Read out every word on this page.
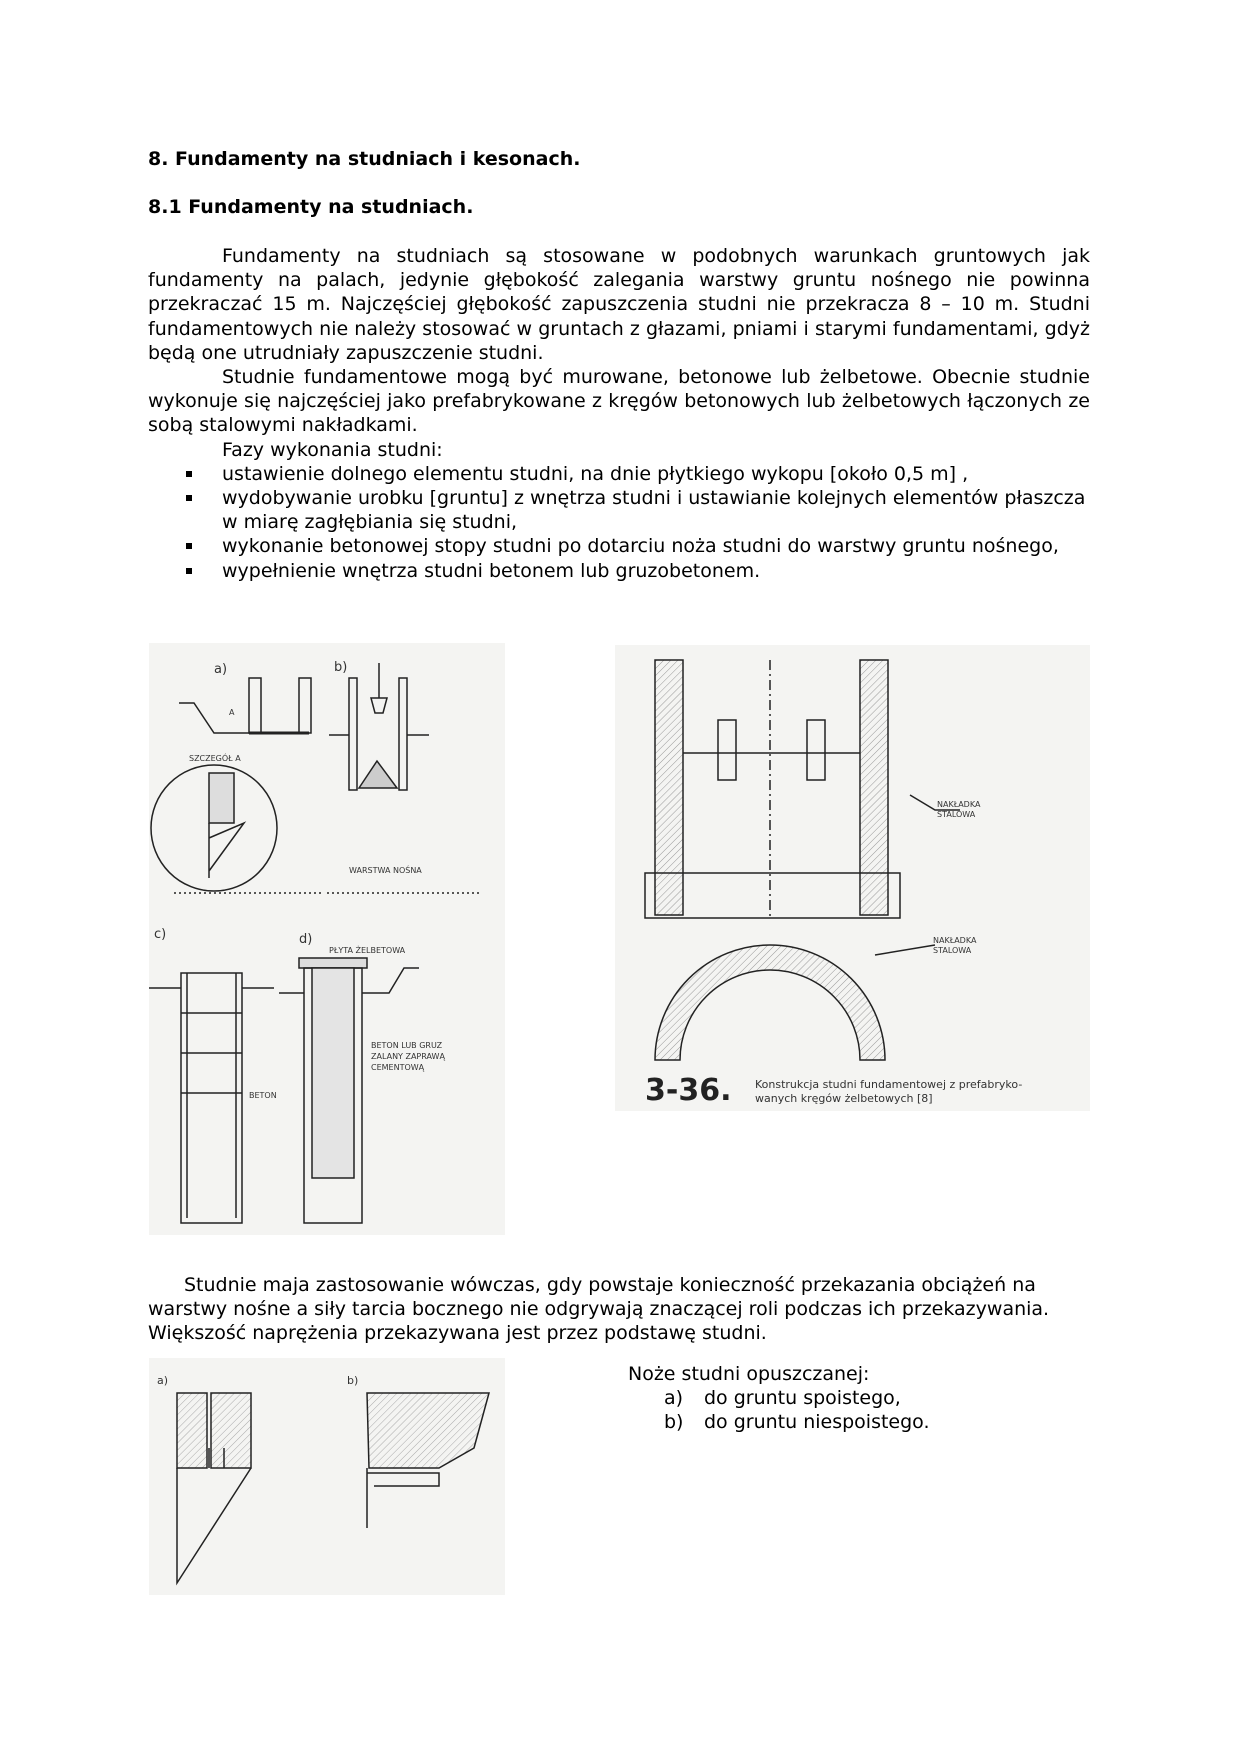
8. Fundamenty na studniach i kesonach.
8.1 Fundamenty na studniach.

Fundamenty na studniach są stosowane w podobnych warunkach gruntowych jak fundamenty na palach, jedynie głębokość zalegania warstwy gruntu nośnego nie powinna przekraczać 15 m. Najczęściej głębokość zapuszczenia studni nie przekracza 8 – 10 m. Studni fundamentowych nie należy stosować w gruntach z głazami, pniami i starymi fundamentami, gdyż będą one utrudniały zapuszczenie studni.

Studnie fundamentowe mogą być murowane, betonowe lub żelbetowe. Obecnie studnie wykonuje się najczęściej jako prefabrykowane z kręgów betonowych lub żelbetowych łączonych ze sobą stalowymi nakładkami.

Fazy wykonania studni:

ustawienie dolnego elementu studni, na dnie płytkiego wykopu [około 0,5 m] ,
wydobywanie urobku [gruntu] z wnętrza studni i ustawianie kolejnych elementów płaszcza w miarę zagłębiania się studni,
wykonanie betonowej stopy studni po dotarciu noża studni do warstwy gruntu nośnego,
wypełnienie wnętrza studni betonem lub gruzobetonem.
a)
A
SZCZEGÓŁ A
b)
WARSTWA NOŚNA
c)	d)
BETON
PŁYTA ŻELBETOWA
BETON LUB GRUZ
ZALANY ZAPRAWĄ
CEMENTOWĄ
NAKŁADKA
STALOWA
NAKŁADKA
STALOWA
3-36. Konstrukcja studni fundamentowej z prefabryko-
wanych kręgów żelbetowych [8]

Studnie maja zastosowanie wówczas, gdy powstaje konieczność przekazania obciążeń na warstwy nośne a siły tarcia bocznego nie odgrywają znaczącej roli podczas ich przekazywania. Większość naprężenia przekazywana jest przez podstawę studni.

a)	b)	Noże studni opuszczanej:
a) do gruntu spoistego,
b) do gruntu niespoistego.
